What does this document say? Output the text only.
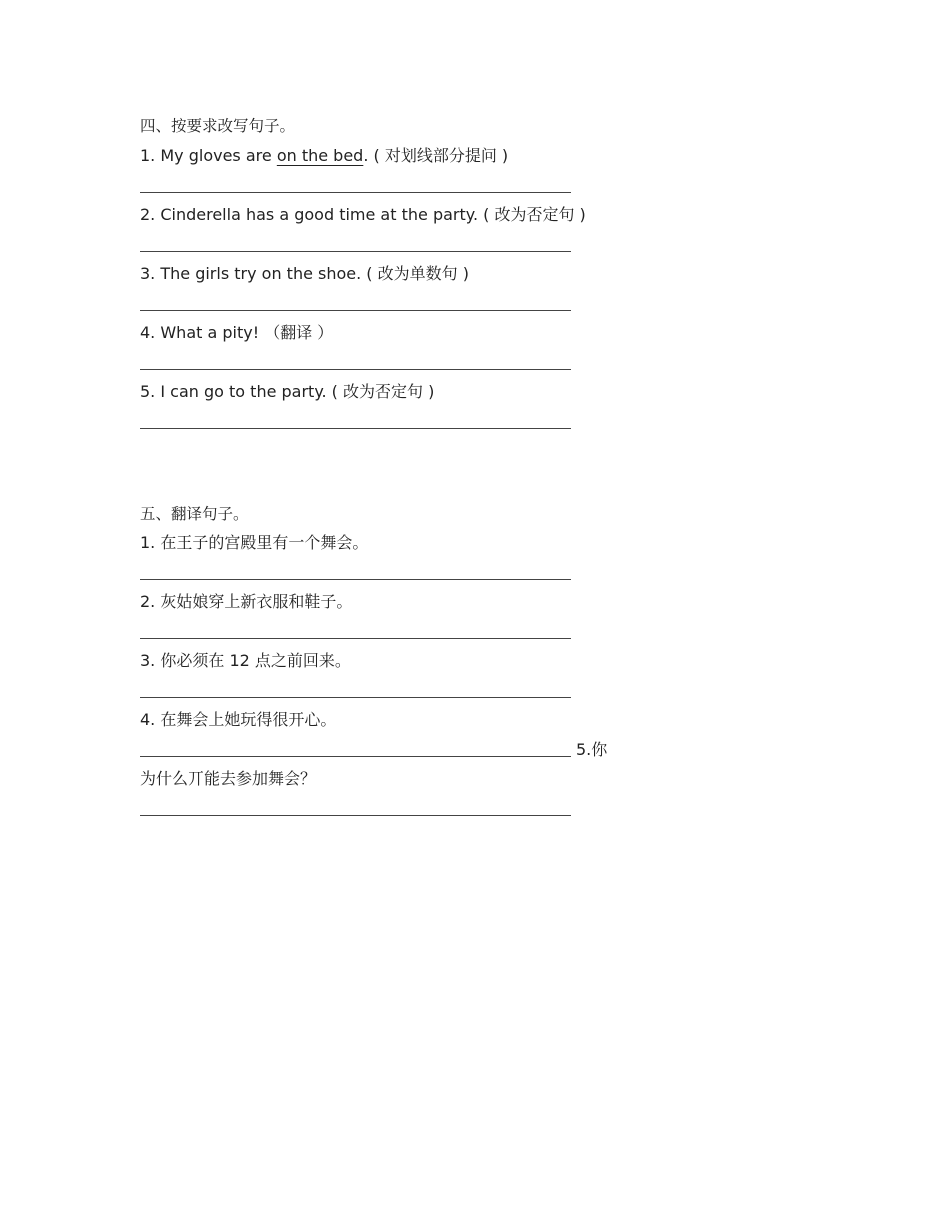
四、按要求改写句子。
1. My gloves are on the bed. ( 对划线部分提问 )
2. Cinderella has a good time at the party. ( 改为否定句 )
3. The girls try on the shoe. ( 改为单数句 )
4. What a pity! （翻译 ）
5. I can go to the party. ( 改为否定句 )
五、翻译句子。
1. 在王子的宫殿里有一个舞会。
2. 灰姑娘穿上新衣服和鞋子。
3. 你必须在 12 点之前回来。
4. 在舞会上她玩得很开心。
5.你
为什么丌能去参加舞会？
